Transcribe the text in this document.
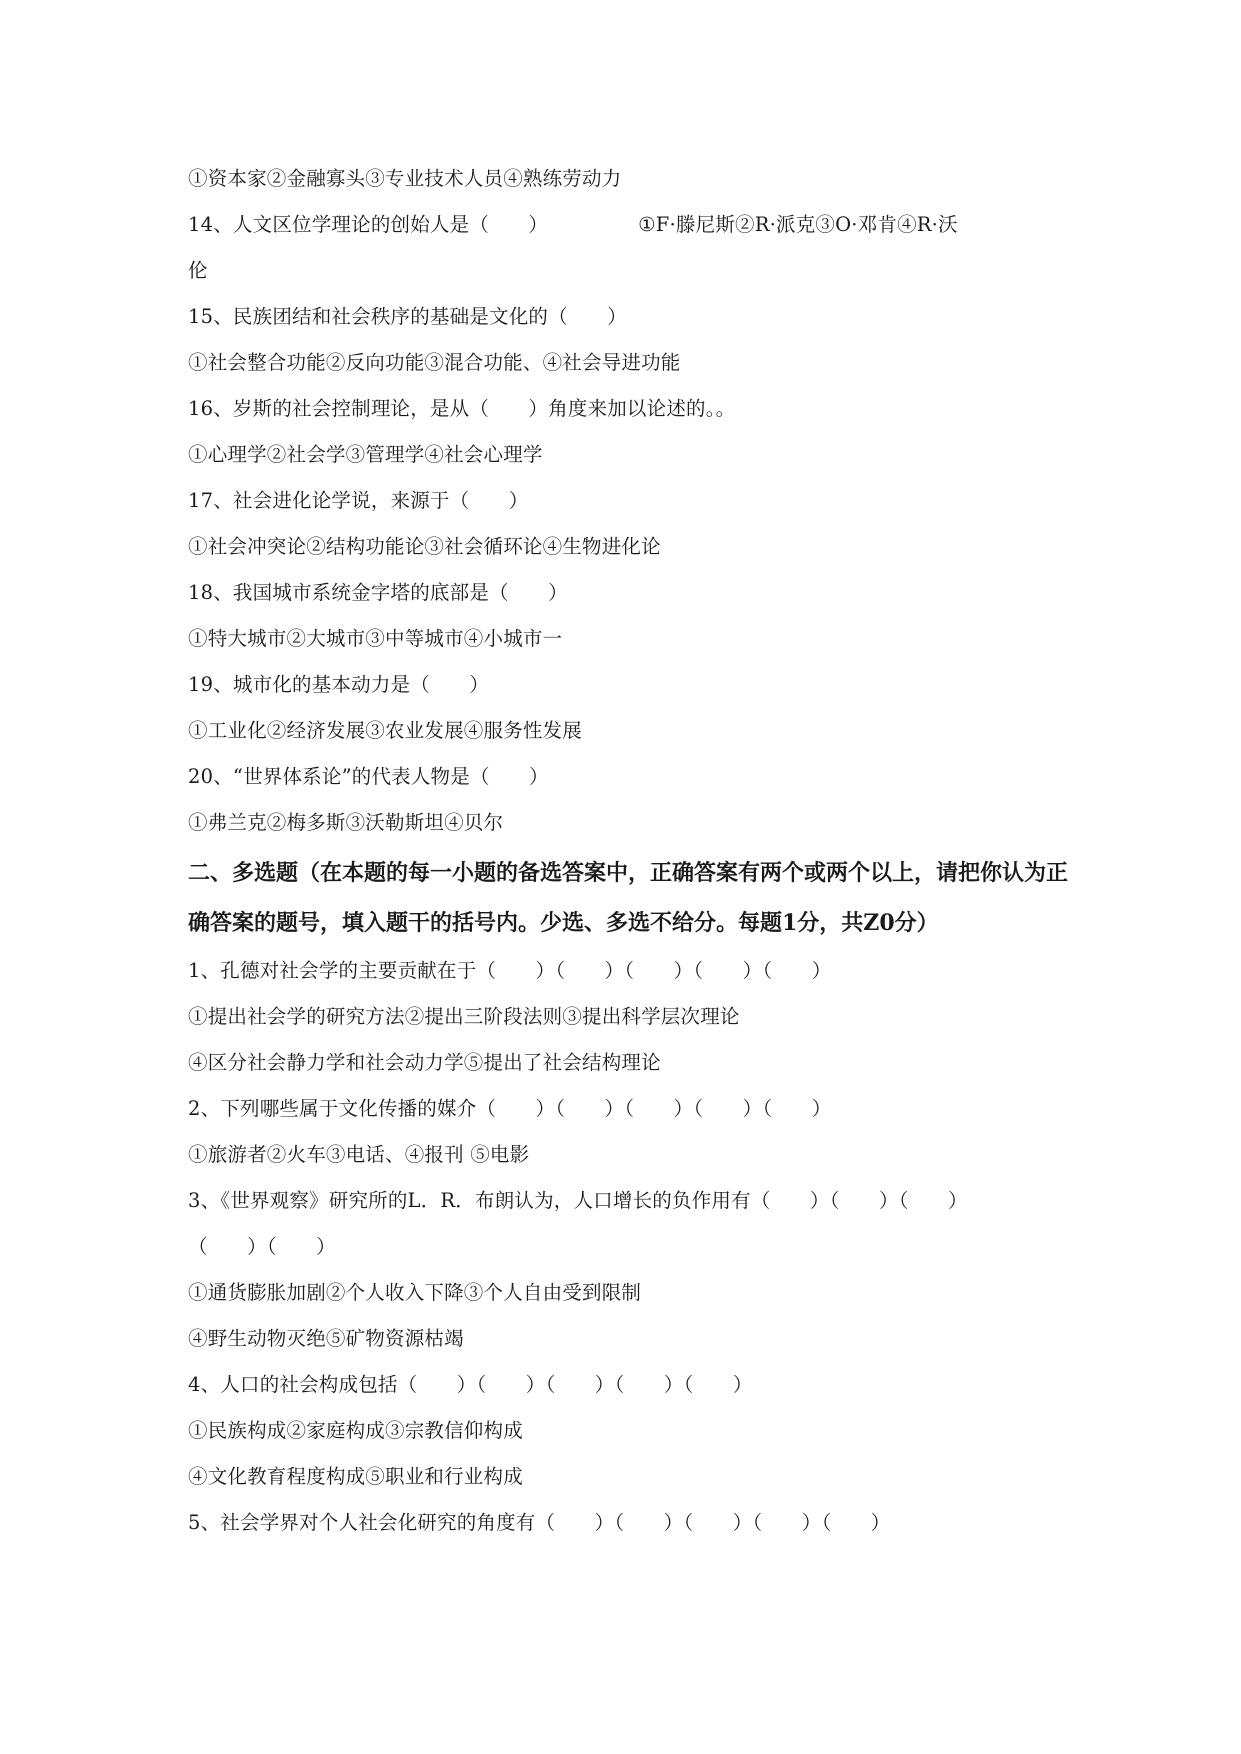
①资本家②金融寡头③专业技术人员④熟练劳动力
14、人文区位学理论的创始人是（　　）	①F·滕尼斯②R·派克③O·邓肯④R·沃
伦
15、民族团结和社会秩序的基础是文化的（　　）
①社会整合功能②反向功能③混合功能、④社会导进功能
16、岁斯的社会控制理论，是从（　　）角度来加以论述的。。
①心理学②社会学③管理学④社会心理学
17、社会进化论学说，来源于（　　）
①社会冲突论②结构功能论③社会循环论④生物进化论
18、我国城市系统金字塔的底部是（　　）
①特大城市②大城市③中等城市④小城市一
19、城市化的基本动力是（　　）
①工业化②经济发展③农业发展④服务性发展
20、“世界体系论”的代表人物是（　　）
①弗兰克②梅多斯③沃勒斯坦④贝尔
二、多选题（在本题的每一小题的备选答案中，正确答案有两个或两个以上，请把你认为正确答案的题号，填入题干的括号内。少选、多选不给分。每题1分，共Z0分）
1、孔德对社会学的主要贡献在于（　　）（　　）（　　）（　　）（　　）
①提出社会学的研究方法②提出三阶段法则③提出科学层次理论
④区分社会静力学和社会动力学⑤提出了社会结构理论
2、下列哪些属于文化传播的媒介（　　）（　　）（　　）（　　）（　　）
①旅游者②火车③电话、④报刊 ⑤电影
3、《世界观察》研究所的L．R．布朗认为，人口增长的负作用有（　　）（　　）（　　）
（　　）（　　）
①通货膨胀加剧②个人收入下降③个人自由受到限制
④野生动物灭绝⑤矿物资源枯竭
4、人口的社会构成包括（　　）（　　）（　　）（　　）（　　）
①民族构成②家庭构成③宗教信仰构成
④文化教育程度构成⑤职业和行业构成
5、社会学界对个人社会化研究的角度有（　　）（　　）（　　）（　　）（　　）
